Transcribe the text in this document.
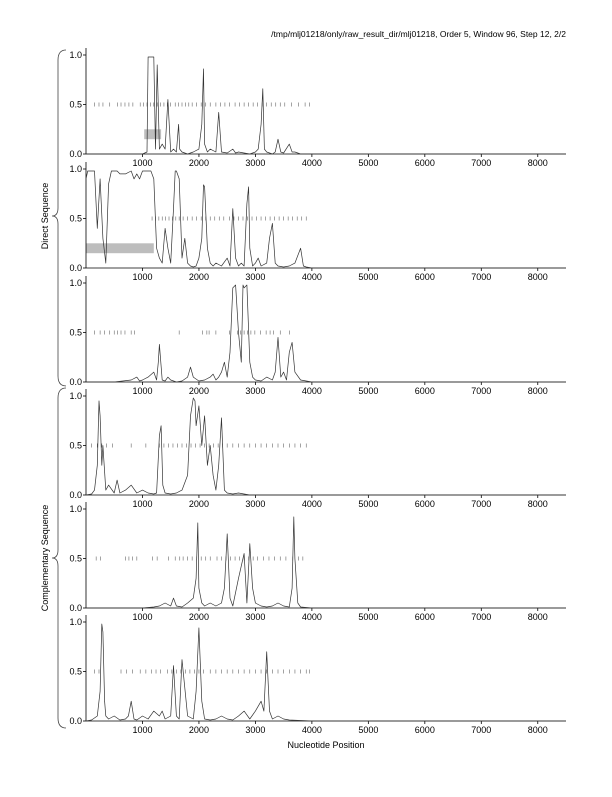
/tmp/mlj01218/only/raw_result_dir/mlj01218, Order 5, Window 96, Step 12, 2/2
0.0
0.5
1.0
1000	2000	3000	4000	5000	6000	7000	8000
0.0
0.5
1.0
1000	2000	3000	4000	5000	6000	7000	8000
0.0
0.5
1.0
1000	2000	3000	4000	5000	6000	7000	8000
0.0
0.5
1.0
1000	2000	3000	4000	5000	6000	7000	8000
0.0
0.5
1.0
1000	2000	3000	4000	5000	6000	7000	8000
0.0
0.5
1.0
1000	2000	3000	4000	5000	6000	7000	8000
Direct Sequence
Complementary Sequence
Nucleotide Position
